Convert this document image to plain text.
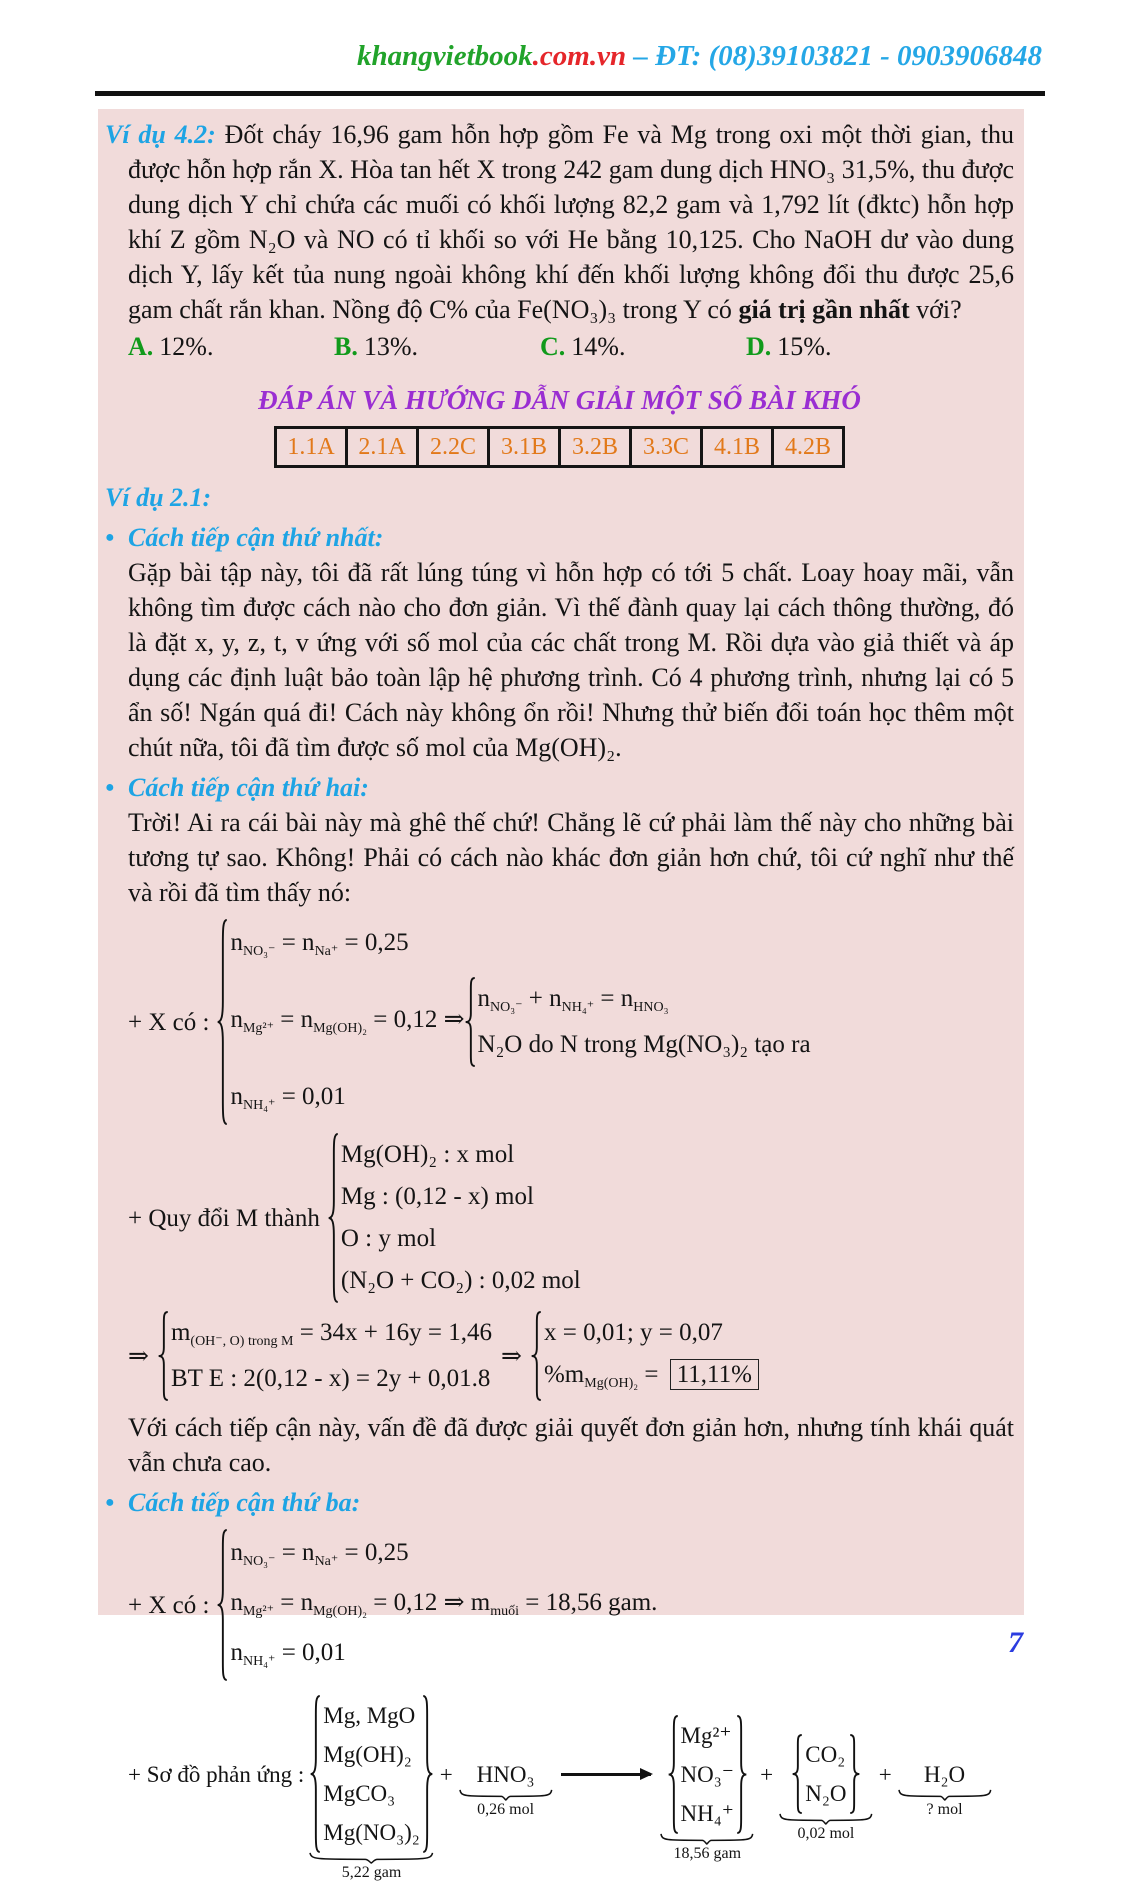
khangvietbook.com.vn – ĐT: (08)39103821 - 0903906848

Ví dụ 4.2: Đốt cháy 16,96 gam hỗn hợp gồm Fe và Mg trong oxi một thời gian, thu được hỗn hợp rắn X. Hòa tan hết X trong 242 gam dung dịch HNO₃ 31,5%, thu được dung dịch Y chỉ chứa các muối có khối lượng 82,2 gam và 1,792 lít (đktc) hỗn hợp khí Z gồm N₂O và NO có tỉ khối so với He bằng 10,125. Cho NaOH dư vào dung dịch Y, lấy kết tủa nung ngoài không khí đến khối lượng không đổi thu được 25,6 gam chất rắn khan. Nồng độ C% của Fe(NO₃)₃ trong Y có giá trị gần nhất với?

A. 12%.	B. 13%.	C. 14%.	D. 15%.
ĐÁP ÁN VÀ HƯỚNG DẪN GIẢI MỘT SỐ BÀI KHÓ
1.1A	2.1A	2.2C	3.1B	3.2B	3.3C	4.1B	4.2B
Ví dụ 2.1:
● Cách tiếp cận thứ nhất:

Gặp bài tập này, tôi đã rất lúng túng vì hỗn hợp có tới 5 chất. Loay hoay mãi, vẫn không tìm được cách nào cho đơn giản. Vì thế đành quay lại cách thông thường, đó là đặt x, y, z, t, v ứng với số mol của các chất trong M. Rồi dựa vào giả thiết và áp dụng các định luật bảo toàn lập hệ phương trình. Có 4 phương trình, nhưng lại có 5 ẩn số! Ngán quá đi! Cách này không ổn rồi! Nhưng thử biến đổi toán học thêm một chút nữa, tôi đã tìm được số mol của Mg(OH)₂.

● Cách tiếp cận thứ hai:

Trời! Ai ra cái bài này mà ghê thế chứ! Chẳng lẽ cứ phải làm thế này cho những bài tương tự sao. Không! Phải có cách nào khác đơn giản hơn chứ, tôi cứ nghĩ như thế và rồi đã tìm thấy nó:

+ X có :
nNO₃⁻ = nNa⁺ = 0,25
nMg²⁺ = nMg(OH)₂ = 0,12 ⇒
nNO₃⁻ + nNH₄⁺ = nHNO₃
N₂O do N trong Mg(NO₃)₂ tạo ra
nNH₄⁺ = 0,01
+ Quy đổi M thành
Mg(OH)₂ : x mol
Mg : (0,12 - x) mol
O : y mol
(N₂O + CO₂) : 0,02 mol
⇒
m(OH⁻, O) trong M = 34x + 16y = 1,46
BT E : 2(0,12 - x) = 2y + 0,01.8
⇒
x = 0,01; y = 0,07
%mMg(OH)₂ = 11,11%

Với cách tiếp cận này, vấn đề đã được giải quyết đơn giản hơn, nhưng tính khái quát vẫn chưa cao.

● Cách tiếp cận thứ ba:
+ X có :
nNO₃⁻ = nNa⁺ = 0,25
nMg²⁺ = nMg(OH)₂ = 0,12 ⇒ mmuối = 18,56 gam.
nNH₄⁺ = 0,01
+ Sơ đồ phản ứng :
Mg, MgO
Mg(OH)₂
MgCO₃
Mg(NO₃)₂
5,22 gam
+ HNO₃
0,26 mol
Mg²⁺
NO₃⁻
NH₄⁺
18,56 gam
+
CO₂
N₂O
0,02 mol
+ H₂O
? mol
7
